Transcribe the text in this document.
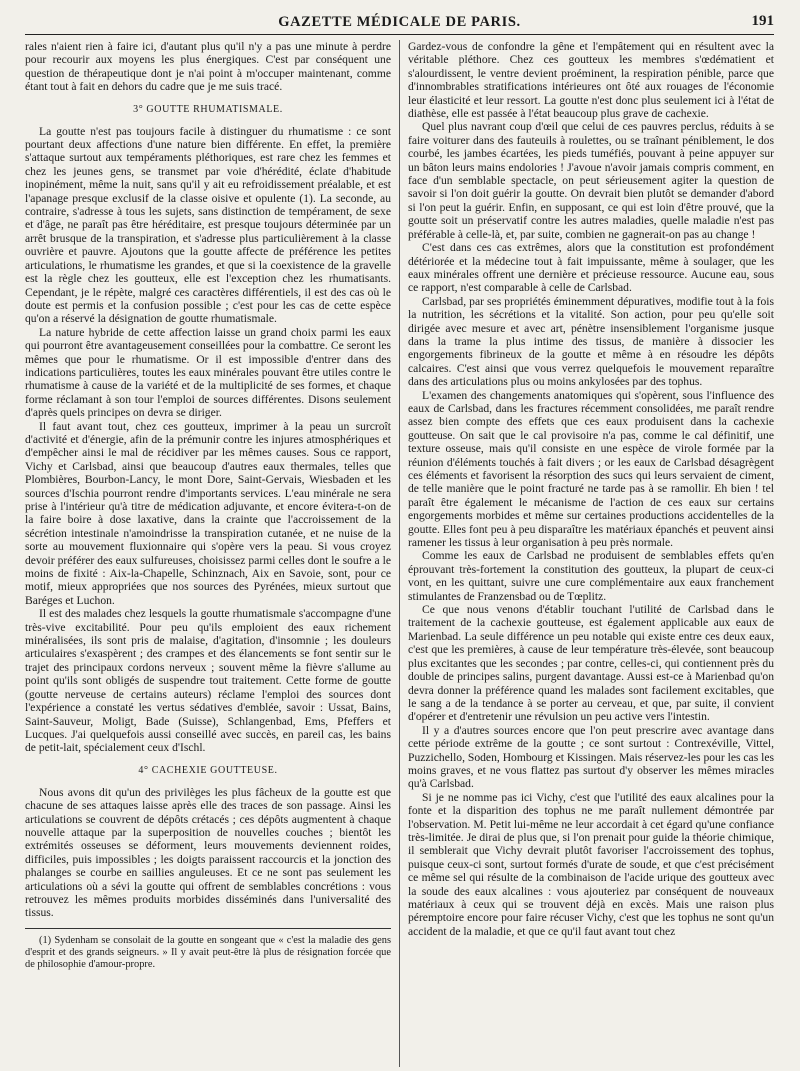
GAZETTE MÉDICALE DE PARIS.	191

rales n'aient rien à faire ici, d'autant plus qu'il n'y a pas une minute à perdre pour recourir aux moyens les plus énergiques. C'est par conséquent une question de thérapeutique dont je n'ai point à m'occuper maintenant, comme étant tout à fait en dehors du cadre que je me suis tracé.

3° GOUTTE RHUMATISMALE.

La goutte n'est pas toujours facile à distinguer du rhumatisme : ce sont pourtant deux affections d'une nature bien différente. En effet, la première s'attaque surtout aux tempéraments pléthoriques, est rare chez les femmes et chez les jeunes gens, se transmet par voie d'hérédité, éclate d'habitude inopinément, même la nuit, sans qu'il y ait eu refroidissement préalable, et est l'apanage presque exclusif de la classe oisive et opulente (1). La seconde, au contraire, s'adresse à tous les sujets, sans distinction de tempérament, de sexe et d'âge, ne paraît pas être héréditaire, est presque toujours déterminée par un arrêt brusque de la transpiration, et s'adresse plus particulièrement à la classe ouvrière et pauvre. Ajoutons que la goutte affecte de préférence les petites articulations, le rhumatisme les grandes, et que si la coexistence de la gravelle est la règle chez les goutteux, elle est l'exception chez les rhumatisants. Cependant, je le répète, malgré ces caractères différentiels, il est des cas où le doute est permis et la confusion possible ; c'est pour les cas de cette espèce qu'on a réservé la désignation de goutte rhumatismale.

La nature hybride de cette affection laisse un grand choix parmi les eaux qui pourront être avantageusement conseillées pour la combattre. Ce seront les mêmes que pour le rhumatisme. Or il est impossible d'entrer dans des indications particulières, toutes les eaux minérales pouvant être utiles contre le rhumatisme à cause de la variété et de la multiplicité de ses formes, et chaque forme réclamant à son tour l'emploi de sources différentes. Disons seulement d'après quels principes on devra se diriger.

Il faut avant tout, chez ces goutteux, imprimer à la peau un surcroît d'activité et d'énergie, afin de la prémunir contre les injures atmosphériques et d'empêcher ainsi le mal de récidiver par les mêmes causes. Sous ce rapport, Vichy et Carlsbad, ainsi que beaucoup d'autres eaux thermales, telles que Plombières, Bourbon-Lancy, le mont Dore, Saint-Gervais, Wiesbaden et les sources d'Ischia pourront rendre d'importants services. L'eau minérale ne sera prise à l'intérieur qu'à titre de médication adjuvante, et encore évitera-t-on de la faire boire à dose laxative, dans la crainte que l'accroissement de la sécrétion intestinale n'amoindrisse la transpiration cutanée, et ne nuise de la sorte au mouvement fluxionnaire qui s'opère vers la peau. Si vous croyez devoir préférer des eaux sulfureuses, choisissez parmi celles dont le soufre a le moins de fixité : Aix-la-Chapelle, Schinznach, Aix en Savoie, sont, pour ce motif, mieux appropriées que nos sources des Pyrénées, mieux surtout que Baréges et Luchon.

Il est des malades chez lesquels la goutte rhumatismale s'accompagne d'une très-vive excitabilité. Pour peu qu'ils emploient des eaux richement minéralisées, ils sont pris de malaise, d'agitation, d'insomnie ; les douleurs articulaires s'exaspèrent ; des crampes et des élancements se font sentir sur le trajet des principaux cordons nerveux ; souvent même la fièvre s'allume au point qu'ils sont obligés de suspendre tout traitement. Cette forme de goutte (goutte nerveuse de certains auteurs) réclame l'emploi des sources dont l'expérience a constaté les vertus sédatives d'emblée, savoir : Ussat, Bains, Saint-Sauveur, Moligt, Bade (Suisse), Schlangenbad, Ems, Pfeffers et Lucques. J'ai quelquefois aussi conseillé avec succès, en pareil cas, les bains de petit-lait, spécialement ceux d'Ischl.

4° CACHEXIE GOUTTEUSE.

Nous avons dit qu'un des privilèges les plus fâcheux de la goutte est que chacune de ses attaques laisse après elle des traces de son passage. Ainsi les articulations se couvrent de dépôts crétacés ; ces dépôts augmentent à chaque nouvelle attaque par la superposition de nouvelles couches ; bientôt les extrémités osseuses se déforment, leurs mouvements deviennent roides, difficiles, puis impossibles ; les doigts paraissent raccourcis et la jonction des phalanges se courbe en saillies anguleuses. Et ce ne sont pas seulement les articulations où a sévi la goutte qui offrent de semblables concrétions : vous retrouvez les mêmes produits morbides disséminés dans l'universalité des tissus.

(1) Sydenham se consolait de la goutte en songeant que « c'est la maladie des gens d'esprit et des grands seigneurs. » Il y avait peut-être là plus de résignation forcée que de philosophie d'amour-propre.

Gardez-vous de confondre la gêne et l'empâtement qui en résultent avec la véritable pléthore. Chez ces goutteux les membres s'œdématient et s'alourdissent, le ventre devient proéminent, la respiration pénible, parce que d'innombrables stratifications intérieures ont ôté aux rouages de l'économie leur élasticité et leur ressort. La goutte n'est donc plus seulement ici à l'état de diathèse, elle est passée à l'état beaucoup plus grave de cachexie.

Quel plus navrant coup d'œil que celui de ces pauvres perclus, réduits à se faire voiturer dans des fauteuils à roulettes, ou se traînant péniblement, le dos courbé, les jambes écartées, les pieds tuméfiés, pouvant à peine appuyer sur un bâton leurs mains endolories ! J'avoue n'avoir jamais compris comment, en face d'un semblable spectacle, on peut sérieusement agiter la question de savoir si l'on doit guérir la goutte. On devrait bien plutôt se demander d'abord si l'on peut la guérir. Enfin, en supposant, ce qui est loin d'être prouvé, que la goutte soit un préservatif contre les autres maladies, quelle maladie n'est pas préférable à celle-là, et, par suite, combien ne gagnerait-on pas au change !

C'est dans ces cas extrêmes, alors que la constitution est profondément détériorée et la médecine tout à fait impuissante, même à soulager, que les eaux minérales offrent une dernière et précieuse ressource. Aucune eau, sous ce rapport, n'est comparable à celle de Carlsbad.

Carlsbad, par ses propriétés éminemment dépuratives, modifie tout à la fois la nutrition, les sécrétions et la vitalité. Son action, pour peu qu'elle soit dirigée avec mesure et avec art, pénètre insensiblement l'organisme jusque dans la trame la plus intime des tissus, de manière à dissocier les engorgements fibrineux de la goutte et même à en résoudre les dépôts calcaires. C'est ainsi que vous verrez quelquefois le mouvement reparaître dans des articulations plus ou moins ankylosées par des tophus.

L'examen des changements anatomiques qui s'opèrent, sous l'influence des eaux de Carlsbad, dans les fractures récemment consolidées, me paraît rendre assez bien compte des effets que ces eaux produisent dans la cachexie goutteuse. On sait que le cal provisoire n'a pas, comme le cal définitif, une texture osseuse, mais qu'il consiste en une espèce de virole formée par la réunion d'éléments touchés à fait divers ; or les eaux de Carlsbad désagrègent ces éléments et favorisent la résorption des sucs qui leurs servaient de ciment, de telle manière que le point fracturé ne tarde pas à se ramollir. Eh bien ! tel paraît être également le mécanisme de l'action de ces eaux sur certains engorgements morbides et même sur certaines productions accidentelles de la goutte. Elles font peu à peu disparaître les matériaux épanchés et peuvent ainsi ramener les tissus à leur organisation à peu près normale.

Comme les eaux de Carlsbad ne produisent de semblables effets qu'en éprouvant très-fortement la constitution des goutteux, la plupart de ceux-ci vont, en les quittant, suivre une cure complémentaire aux eaux franchement stimulantes de Franzensbad ou de Tœplitz.

Ce que nous venons d'établir touchant l'utilité de Carlsbad dans le traitement de la cachexie goutteuse, est également applicable aux eaux de Marienbad. La seule différence un peu notable qui existe entre ces deux eaux, c'est que les premières, à cause de leur température très-élevée, sont beaucoup plus excitantes que les secondes ; par contre, celles-ci, qui contiennent près du double de principes salins, purgent davantage. Aussi est-ce à Marienbad qu'on devra donner la préférence quand les malades sont facilement excitables, que le sang a de la tendance à se porter au cerveau, et que, par suite, il convient d'opérer et d'entretenir une révulsion un peu active vers l'intestin.

Il y a d'autres sources encore que l'on peut prescrire avec avantage dans cette période extrême de la goutte ; ce sont surtout : Contrexéville, Vittel, Puzzichello, Soden, Hombourg et Kissingen. Mais réservez-les pour les cas les moins graves, et ne vous flattez pas surtout d'y observer les mêmes miracles qu'à Carlsbad.

Si je ne nomme pas ici Vichy, c'est que l'utilité des eaux alcalines pour la fonte et la disparition des tophus ne me paraît nullement démontrée par l'observation. M. Petit lui-même ne leur accordait à cet égard qu'une confiance très-limitée. Je dirai de plus que, si l'on prenait pour guide la théorie chimique, il semblerait que Vichy devrait plutôt favoriser l'accroissement des tophus, puisque ceux-ci sont, surtout formés d'urate de soude, et que c'est précisément ce même sel qui résulte de la combinaison de l'acide urique des goutteux avec la soude des eaux alcalines : vous ajouteriez par conséquent de nouveaux matériaux à ceux qui se trouvent déjà en excès. Mais une raison plus péremptoire encore pour faire récuser Vichy, c'est que les tophus ne sont qu'un accident de la maladie, et que ce qu'il faut avant tout chez
